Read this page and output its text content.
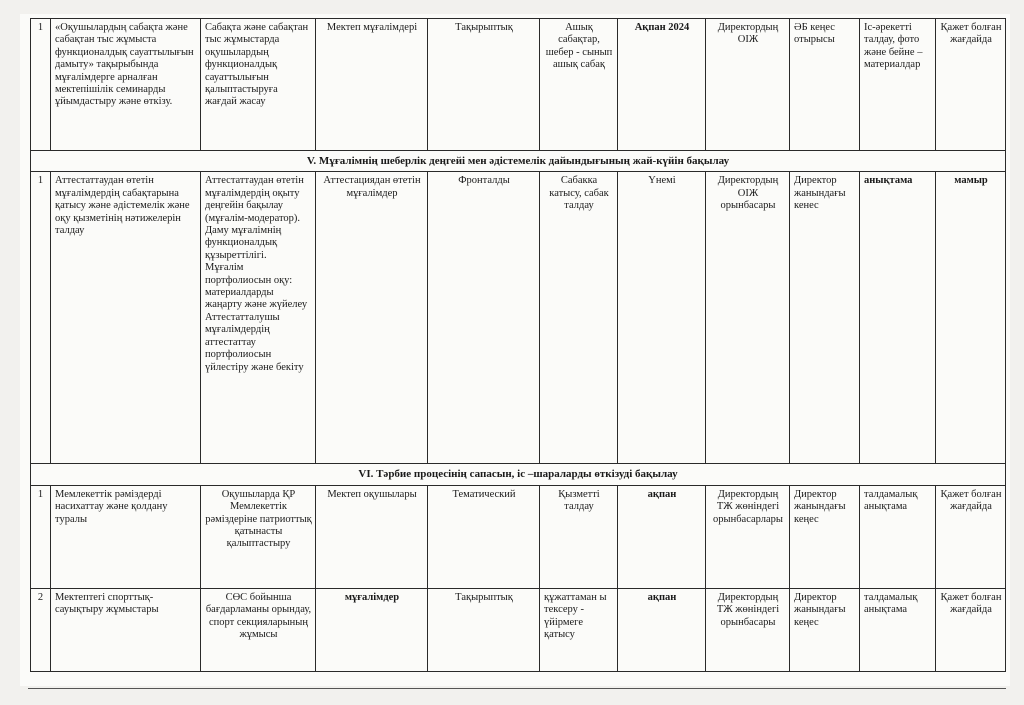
1	«Оқушылардың сабақта және сабақтан тыс жұмыста функционалдық сауаттылығын дамыту» тақырыбында мұғалімдерге арналған мектепішілік семинарды ұйымдастыру және өткізу.	Сабақта және сабақтан тыс жұмыстарда оқушылардың функционалдық сауаттылығын қалыптастыруға жағдай жасау	Мектеп мұғалімдері	Тақырыптық	Ашық сабақтар, шебер - сынып ашық сабақ	Ақпан 2024	Директордың ОІЖ	ӘБ кеңес отырысы	Іс-әрекетті талдау, фото және бейне – материалдар	Қажет болған жағдайда
V. Мұғалімнің шеберлік деңгейі мен әдістемелік дайындығының жай-күйін бақылау										
1	Аттестаттаудан өтетін мұғалімдердің сабақтарына қатысу және әдістемелік және оқу қызметінің нәтижелерін талдау	Аттестаттаудан өтетін мұғалімдердің оқыту деңгейін бақылау (мұғалім-модератор). Даму мұғалімнің функционалдық құзыреттілігі.
Мұғалім портфолиосын оқу: материалдарды жаңарту және жүйелеу
Аттестатталушы мұғалімдердің аттестаттау портфолиосын үйлестіру және бекіту	Аттестациядан өтетін мұғалімдер	Фронталды	Сабакка катысу, сабак талдау	Үнемі	Директордың ОІЖ орынбасары	Директор жанындағы кенес	анықтама	мамыр
VI. Тәрбие процесінің сапасын, іс –шараларды өткізуді бақылау										
1	Мемлекеттік рәміздерді насихаттау және қолдану туралы	Оқушыларда ҚР Мемлекеттік рәміздеріне патриоттық қатынасты қалыптастыру	Мектеп оқушылары	Тематический	Қызметті талдау	ақпан	Директордың ТЖ жөніндегі орынбасарлары	Директор жанындағы кеңес	талдамалық анықтама	Қажет болған жағдайда
2	Мектептегі спорттық-сауықтыру жұмыстары	СӨС бойынша бағдарламаны орындау, спорт секцияларының жұмысы	мұғалімдер	Тақырыптық	құжаттаман ы тексеру - үйірмеге қатысу	ақпан	Директордың ТЖ жөніндегі орынбасары	Директор жанындағы кеңес	талдамалық анықтама	Қажет болған жағдайда
